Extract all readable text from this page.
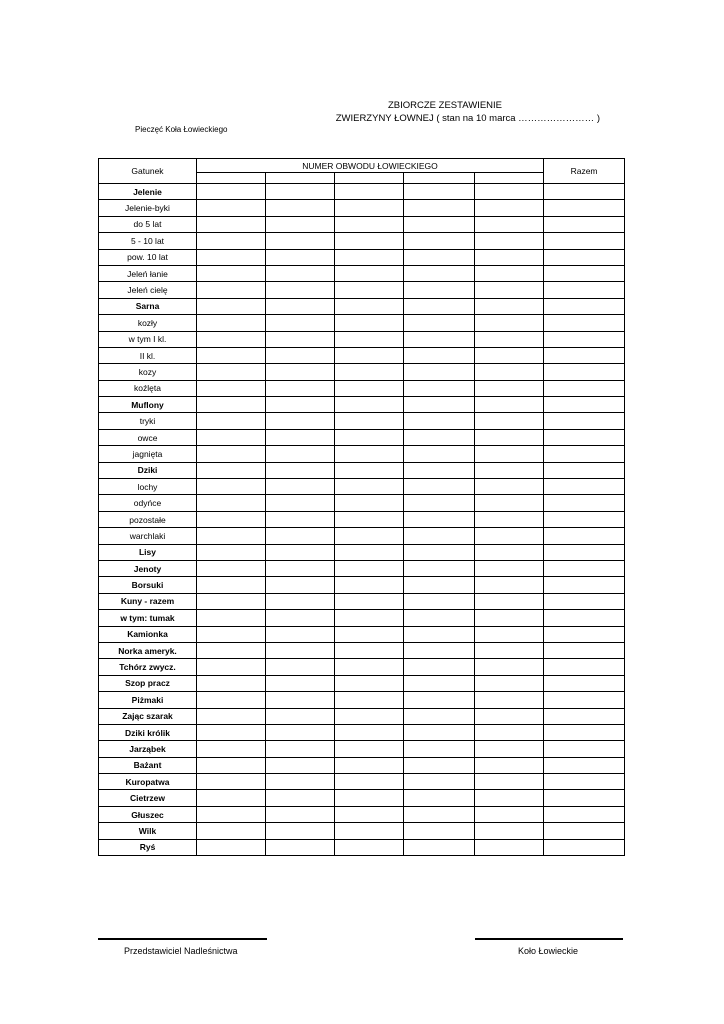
ZBIORCZE ZESTAWIENIE
ZWIERZYNY ŁOWNEJ ( stan na 10 marca …………………… )
Pieczęć Koła Łowieckiego
Gatunek	NUMER OBWODU ŁOWIECKIEGO					Razem

Jelenie						
Jelenie-byki						
do 5 lat						
5 - 10 lat						
pow. 10 lat						
Jeleń łanie						
Jeleń cielę						
Sarna						
kozły						
w tym I kl.						
II kl.						
kozy						
koźlęta						
Muflony						
tryki						
owce						
jagnięta						
Dziki						
lochy						
odyńce						
pozostałe						
warchlaki						
Lisy						
Jenoty						
Borsuki						
Kuny - razem						
w tym: tumak						
Kamionka						
Norka ameryk.						
Tchórz zwycz.						
Szop pracz						
Piżmaki						
Zając szarak						
Dziki królik						
Jarząbek						
Bażant						
Kuropatwa						
Cietrzew						
Głuszec						
Wilk						
Ryś						
Przedstawiciel Nadleśnictwa	Koło Łowieckie
